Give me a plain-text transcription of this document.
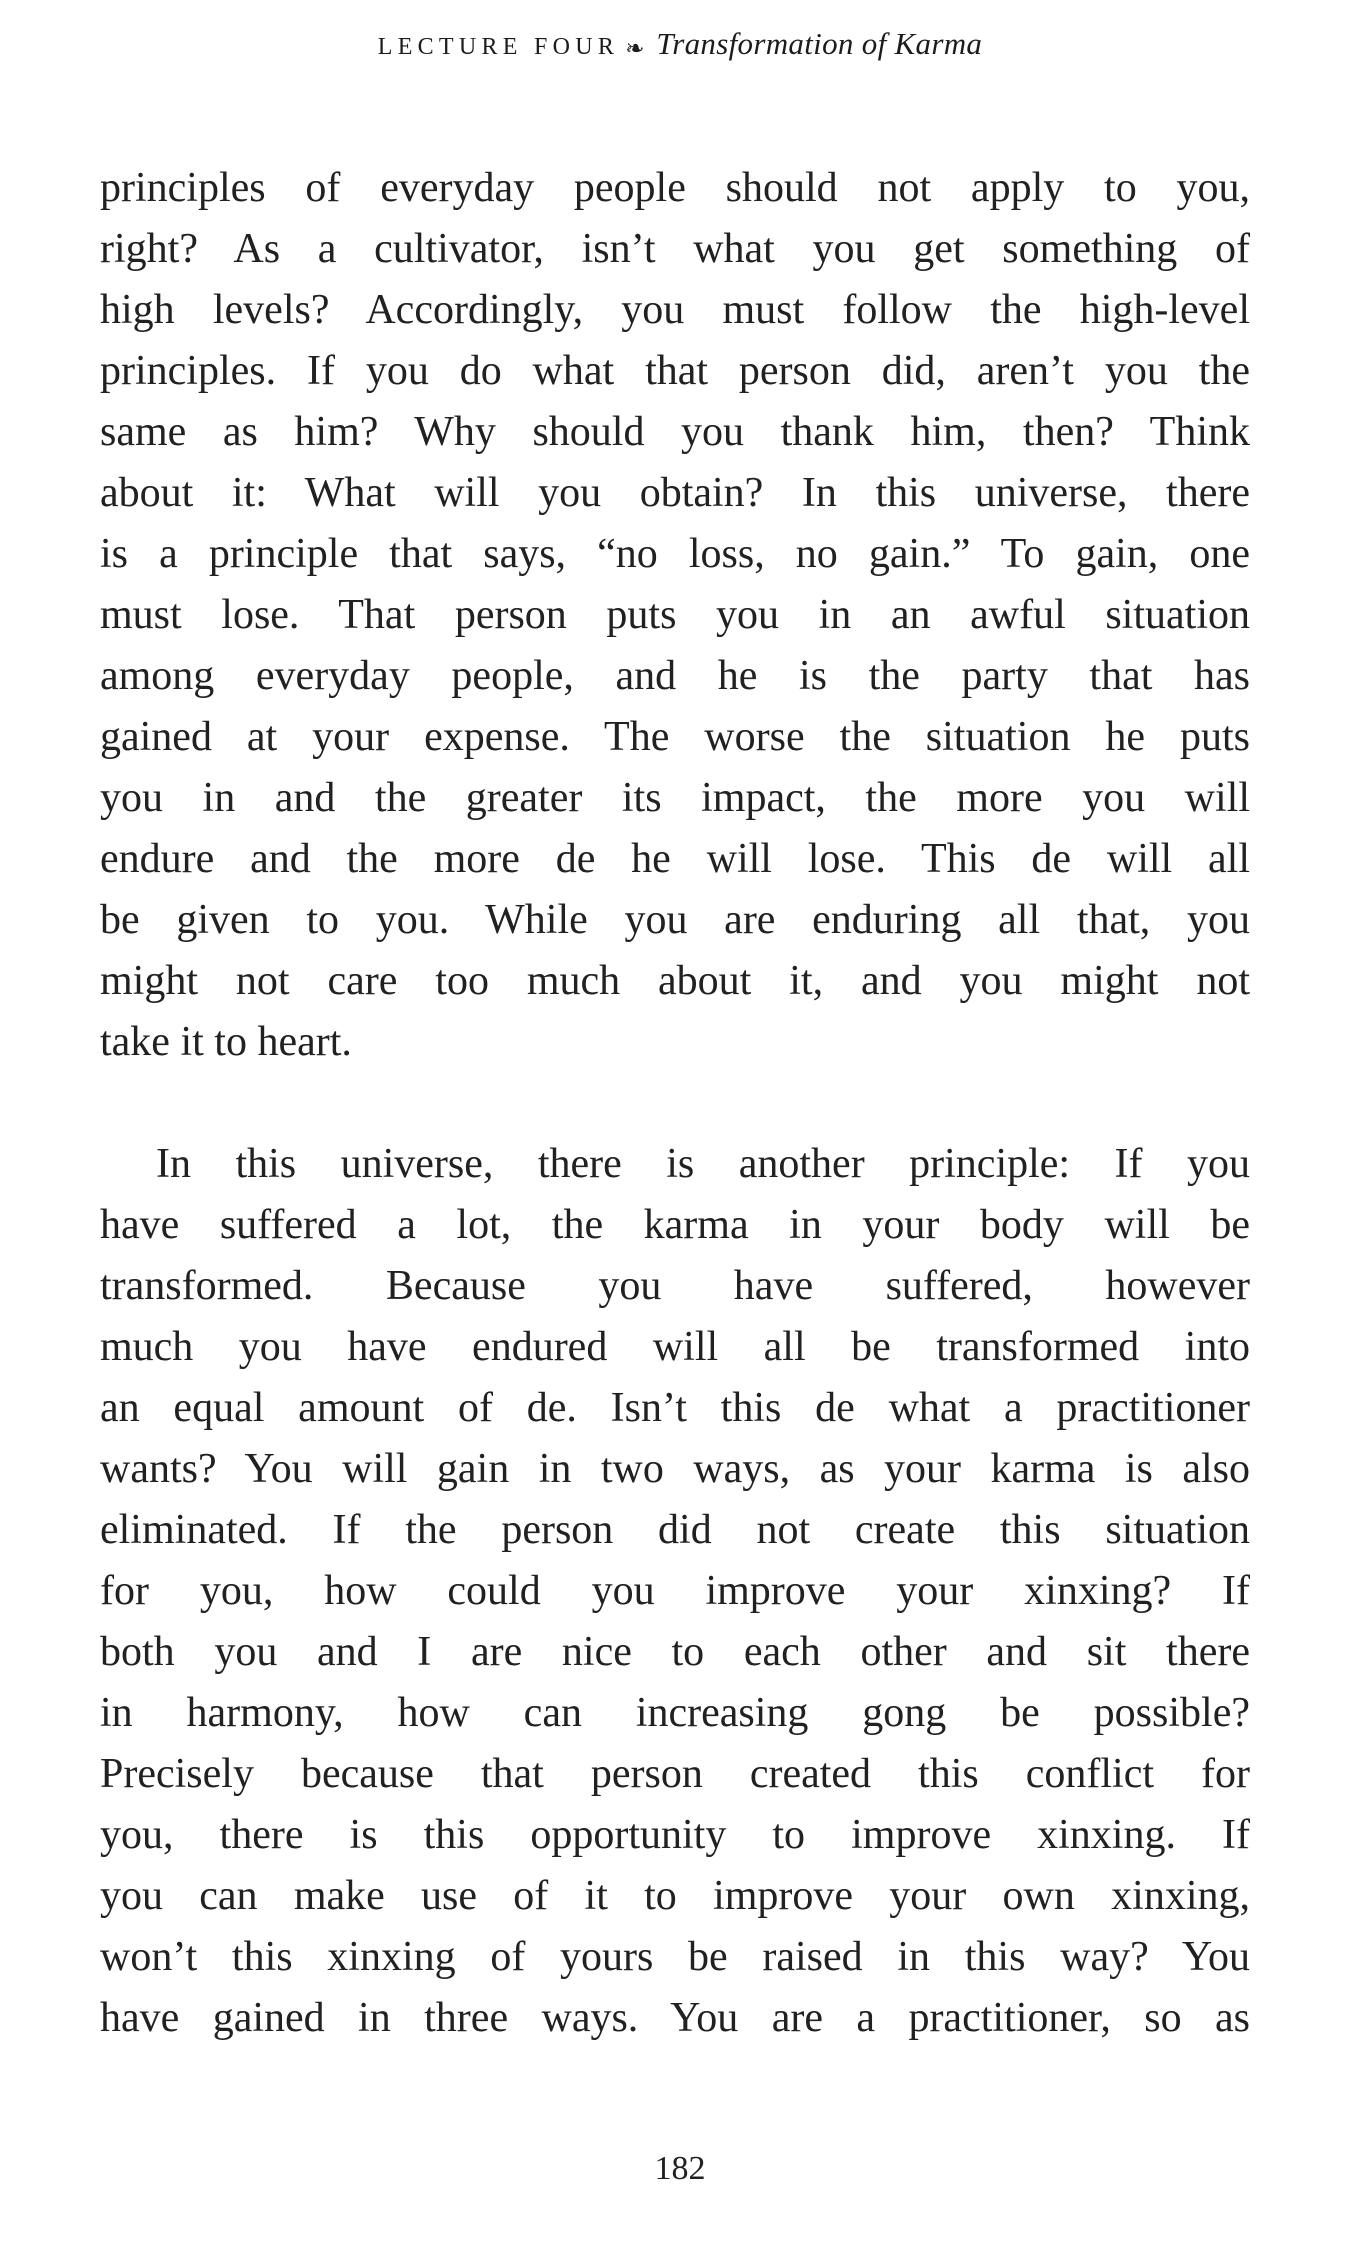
LECTURE FOUR ❧ Transformation of Karma
principles of everyday people should not apply to you,
right? As a cultivator, isn’t what you get something of
high levels? Accordingly, you must follow the high-level
principles. If you do what that person did, aren’t you the
same as him? Why should you thank him, then? Think
about it: What will you obtain? In this universe, there
is a principle that says, “no loss, no gain.” To gain, one
must lose. That person puts you in an awful situation
among everyday people, and he is the party that has
gained at your expense. The worse the situation he puts
you in and the greater its impact, the more you will
endure and the more de he will lose. This de will all
be given to you. While you are enduring all that, you
might not care too much about it, and you might not
take it to heart.
In this universe, there is another principle: If you
have suffered a lot, the karma in your body will be
transformed. Because you have suffered, however
much you have endured will all be transformed into
an equal amount of de. Isn’t this de what a practitioner
wants? You will gain in two ways, as your karma is also
eliminated. If the person did not create this situation
for you, how could you improve your xinxing? If
both you and I are nice to each other and sit there
in harmony, how can increasing gong be possible?
Precisely because that person created this conflict for
you, there is this opportunity to improve xinxing. If
you can make use of it to improve your own xinxing,
won’t this xinxing of yours be raised in this way? You
have gained in three ways. You are a practitioner, so as
182
